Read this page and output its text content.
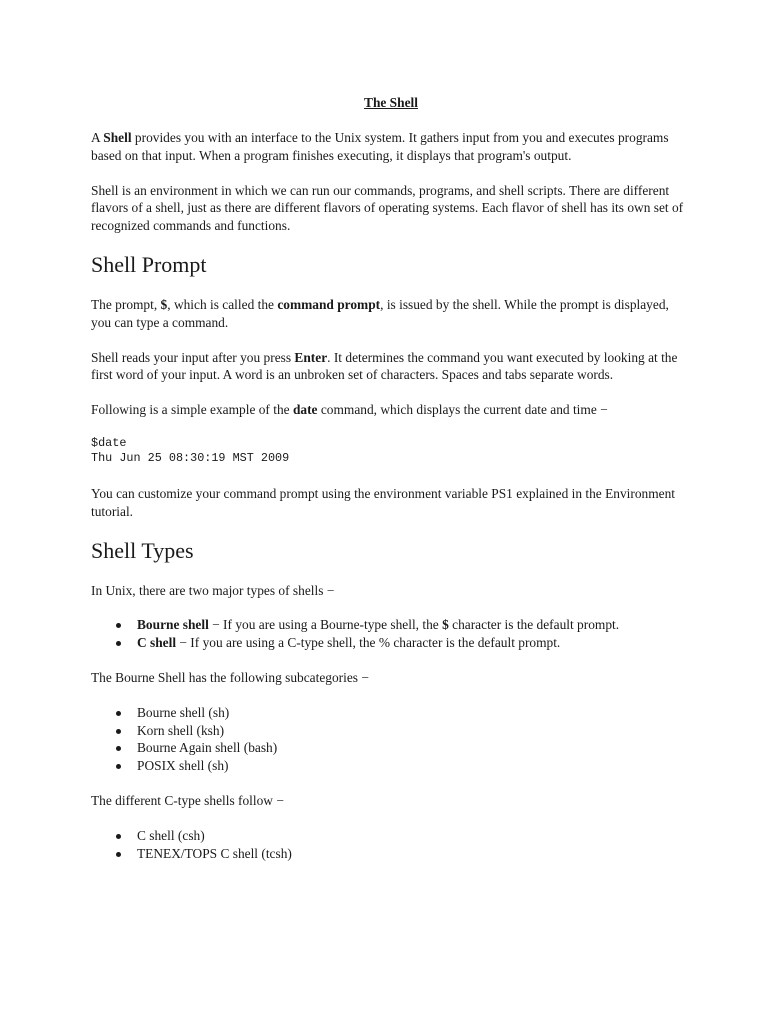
The Shell

A Shell provides you with an interface to the Unix system. It gathers input from you and executes programs based on that input. When a program finishes executing, it displays that program's output.

Shell is an environment in which we can run our commands, programs, and shell scripts. There are different flavors of a shell, just as there are different flavors of operating systems. Each flavor of shell has its own set of recognized commands and functions.

Shell Prompt

The prompt, $, which is called the command prompt, is issued by the shell. While the prompt is displayed, you can type a command.

Shell reads your input after you press Enter. It determines the command you want executed by looking at the first word of your input. A word is an unbroken set of characters. Spaces and tabs separate words.

Following is a simple example of the date command, which displays the current date and time −

$date
Thu Jun 25 08:30:19 MST 2009

You can customize your command prompt using the environment variable PS1 explained in the Environment tutorial.

Shell Types

In Unix, there are two major types of shells −

Bourne shell − If you are using a Bourne-type shell, the $ character is the default prompt.
C shell − If you are using a C-type shell, the % character is the default prompt.

The Bourne Shell has the following subcategories −

Bourne shell (sh)
Korn shell (ksh)
Bourne Again shell (bash)
POSIX shell (sh)

The different C-type shells follow −

C shell (csh)
TENEX/TOPS C shell (tcsh)
